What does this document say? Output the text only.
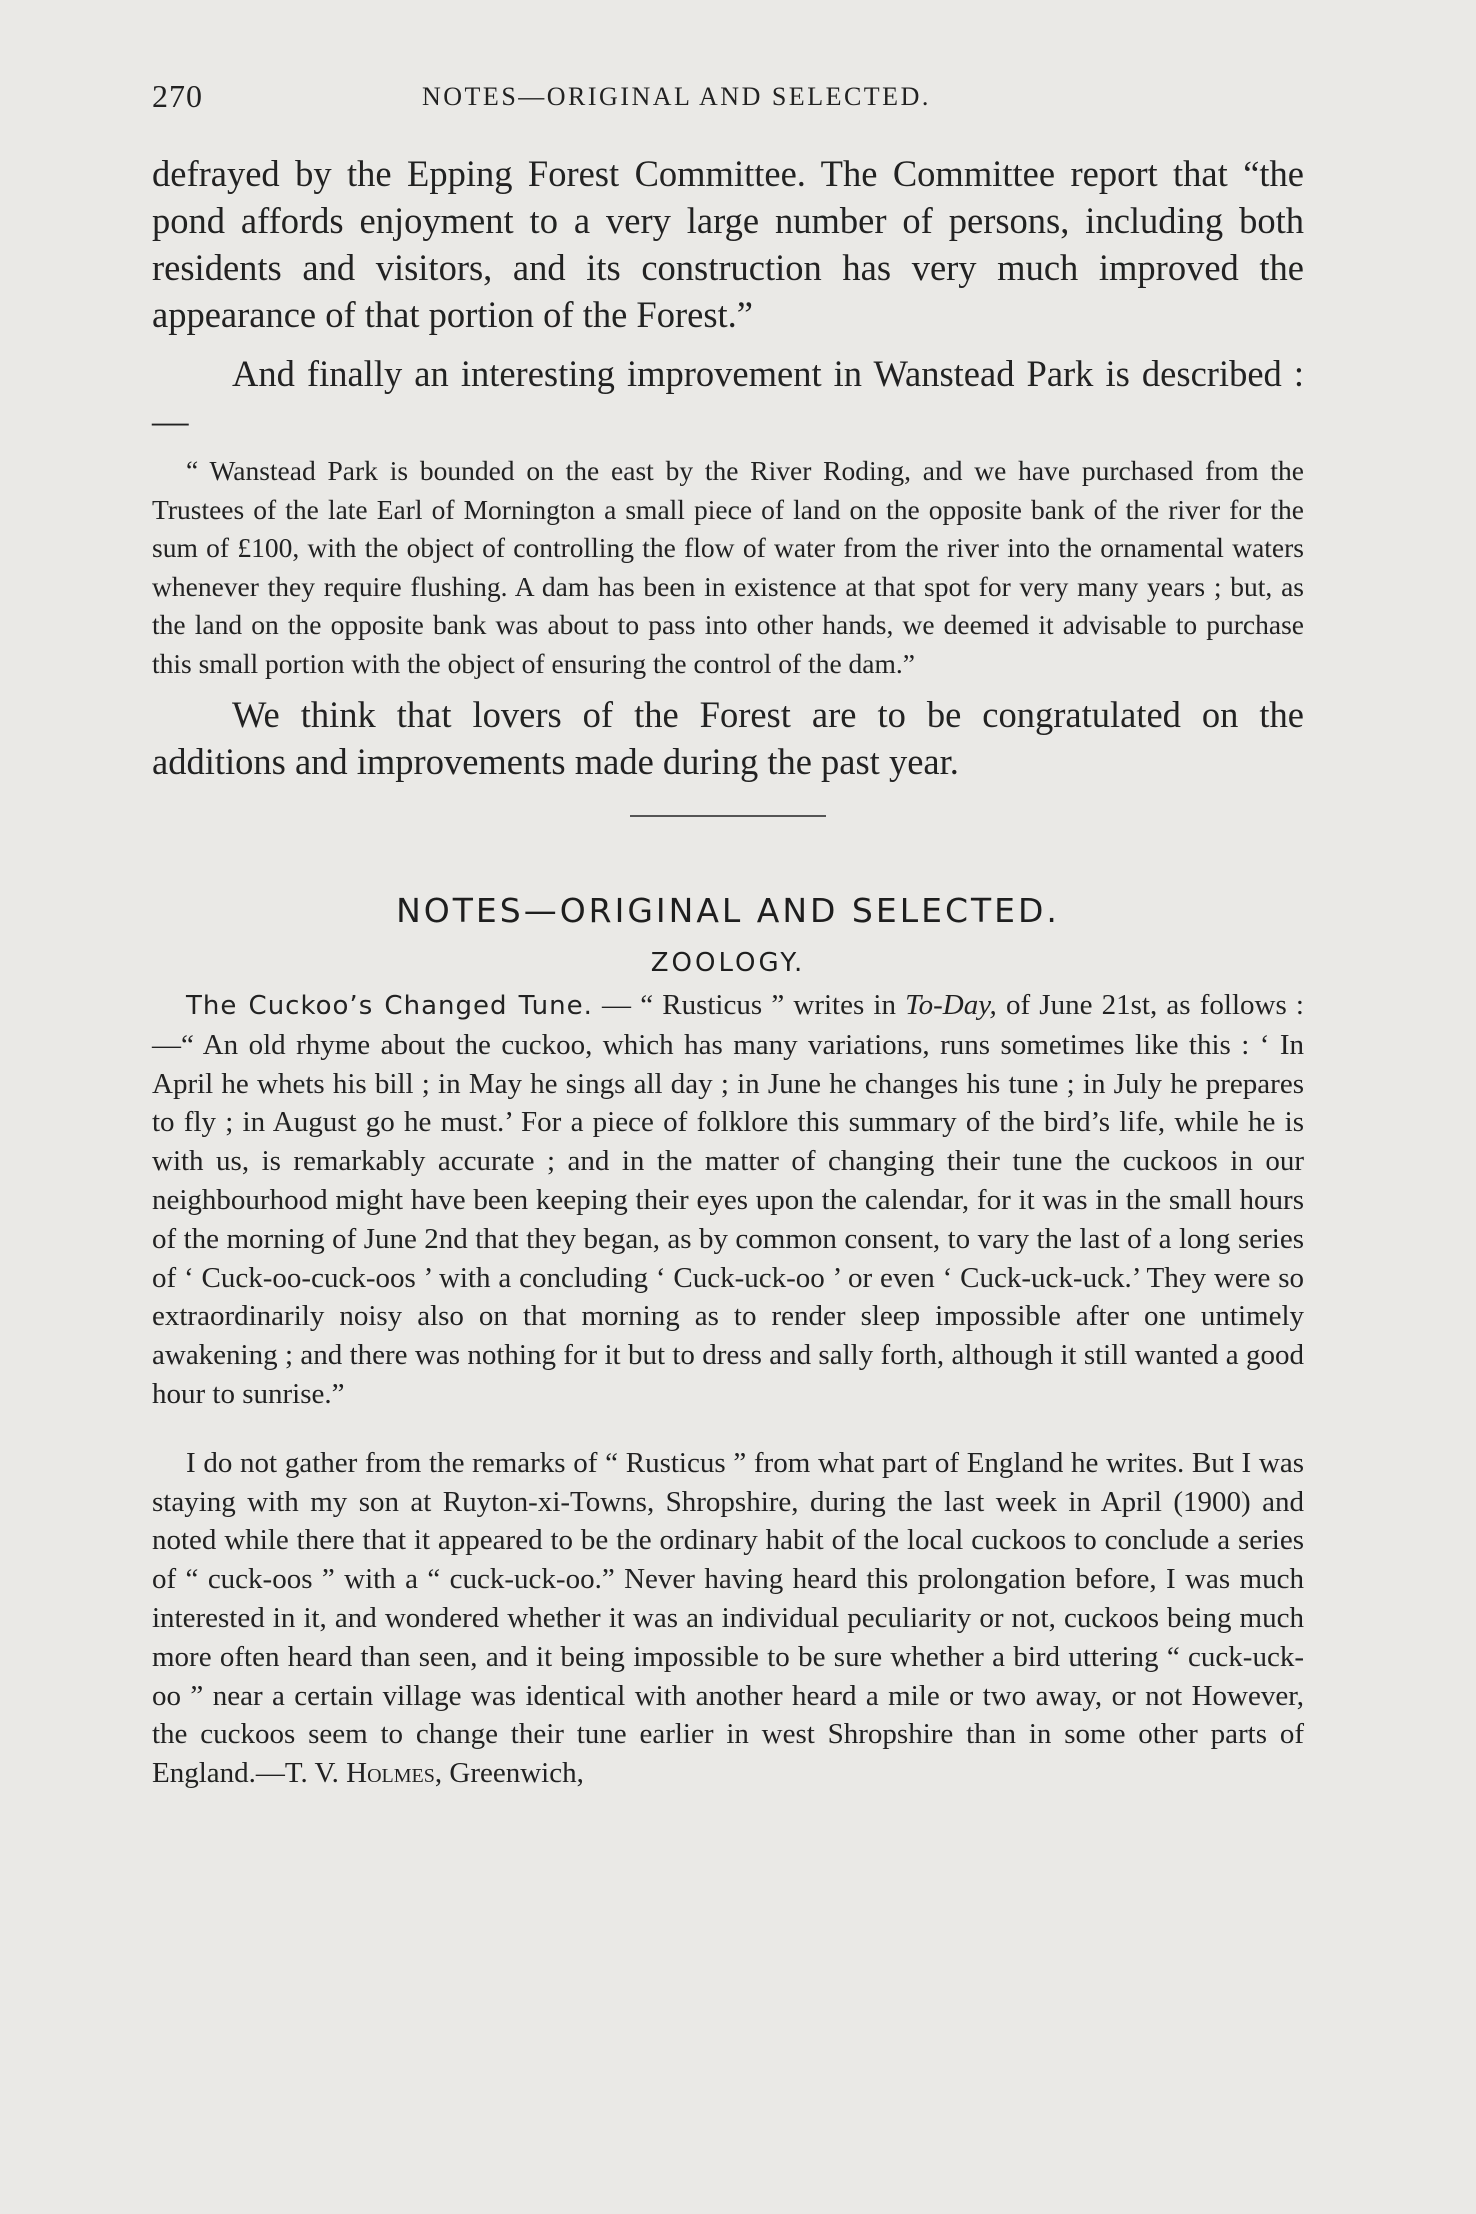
270	NOTES—ORIGINAL AND SELECTED.

defrayed by the Epping Forest Committee. The Committee report that “the pond affords enjoyment to a very large number of persons, including both residents and visitors, and its construction has very much improved the appearance of that portion of the Forest.”

And finally an interesting improvement in Wanstead Park is described :—

“ Wanstead Park is bounded on the east by the River Roding, and we have purchased from the Trustees of the late Earl of Mornington a small piece of land on the opposite bank of the river for the sum of £100, with the object of controlling the flow of water from the river into the ornamental waters whenever they require flushing. A dam has been in existence at that spot for very many years ; but, as the land on the opposite bank was about to pass into other hands, we deemed it advisable to purchase this small portion with the object of ensuring the control of the dam.”

We think that lovers of the Forest are to be congratulated on the additions and improvements made during the past year.

NOTES—ORIGINAL AND SELECTED.
ZOOLOGY.

The Cuckoo’s Changed Tune. — “ Rusticus ” writes in To-Day, of June 21st, as follows :—“ An old rhyme about the cuckoo, which has many variations, runs sometimes like this : ‘ In April he whets his bill ; in May he sings all day ; in June he changes his tune ; in July he prepares to fly ; in August go he must.’ For a piece of folklore this summary of the bird’s life, while he is with us, is remarkably accurate ; and in the matter of changing their tune the cuckoos in our neighbourhood might have been keeping their eyes upon the calendar, for it was in the small hours of the morning of June 2nd that they began, as by common consent, to vary the last of a long series of ‘ Cuck-oo-cuck-oos ’ with a concluding ‘ Cuck-uck-oo ’ or even ‘ Cuck-uck-uck.’ They were so extraordinarily noisy also on that morning as to render sleep impossible after one untimely awakening ; and there was nothing for it but to dress and sally forth, although it still wanted a good hour to sunrise.”

I do not gather from the remarks of “ Rusticus ” from what part of England he writes. But I was staying with my son at Ruyton-xi-Towns, Shropshire, during the last week in April (1900) and noted while there that it appeared to be the ordinary habit of the local cuckoos to conclude a series of “ cuck-oos ” with a “ cuck-uck-oo.” Never having heard this prolongation before, I was much interested in it, and wondered whether it was an individual peculiarity or not, cuckoos being much more often heard than seen, and it being impossible to be sure whether a bird uttering “ cuck-uck-oo ” near a certain village was identical with another heard a mile or two away, or not However, the cuckoos seem to change their tune earlier in west Shropshire than in some other parts of England.—T. V. Holmes, Greenwich,
